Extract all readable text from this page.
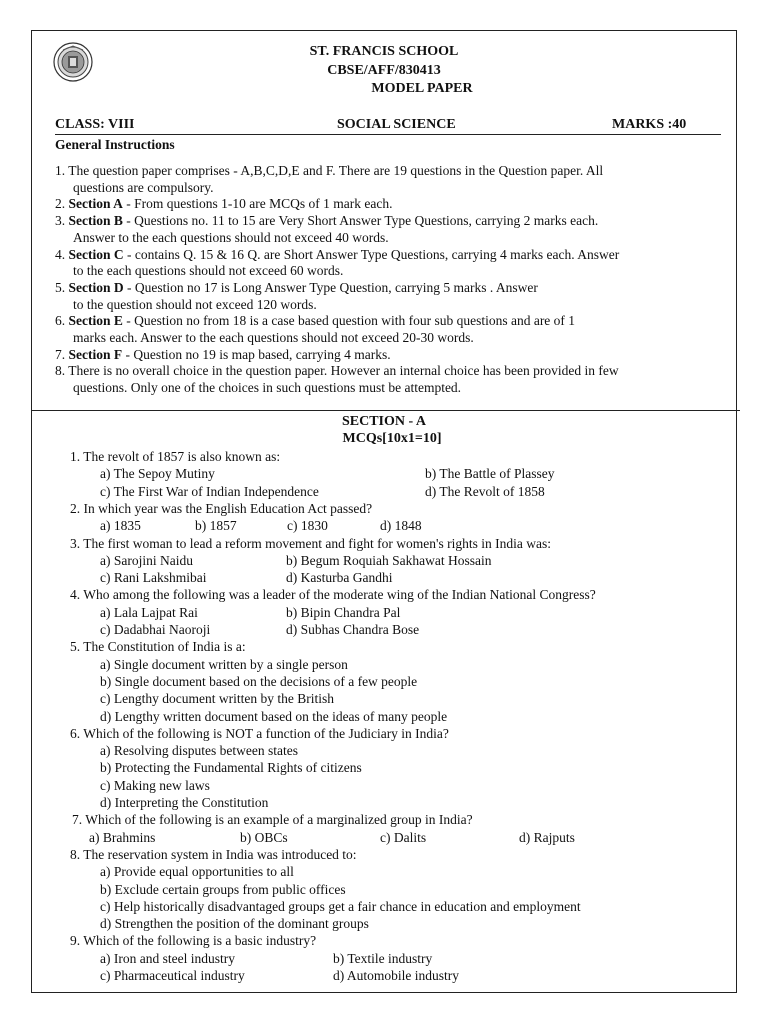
ST. FRANCIS SCHOOL
CBSE/AFF/830413
MODEL PAPER
CLASS: VIII	SOCIAL SCIENCE	MARKS :40
General Instructions
1. The question paper comprises - A,B,C,D,E and F. There are 19 questions in the Question paper. All
questions are compulsory.
2. Section A - From questions 1-10 are MCQs of 1 mark each.
3. Section B - Questions no. 11 to 15 are Very Short Answer Type Questions, carrying 2 marks each.
Answer to the each questions should not exceed 40 words.
4. Section C - contains Q. 15 & 16 Q. are Short Answer Type Questions, carrying 4 marks each. Answer
to the each questions should not exceed 60 words.
5. Section D - Question no 17 is Long Answer Type Question, carrying 5 marks . Answer
to the question should not exceed 120 words.
6. Section E - Question no from 18 is a case based question with four sub questions and are of 1
marks each. Answer to the each questions should not exceed 20-30 words.
7. Section F - Question no 19 is map based, carrying 4 marks.
8. There is no overall choice in the question paper. However an internal choice has been provided in few
questions. Only one of the choices in such questions must be attempted.
SECTION - A
MCQs[10x1=10]
1. The revolt of 1857 is also known as:
a) The Sepoy Mutiny	b) The Battle of Plassey
c) The First War of Indian Independence	d) The Revolt of 1858
2. In which year was the English Education Act passed?
a) 1835	b) 1857	c) 1830	d) 1848
3. The first woman to lead a reform movement and fight for women's rights in India was:
a) Sarojini Naidu	b) Begum Roquiah Sakhawat Hossain
c) Rani Lakshmibai	d) Kasturba Gandhi
4. Who among the following was a leader of the moderate wing of the Indian National Congress?
a) Lala Lajpat Rai	b) Bipin Chandra Pal
c) Dadabhai Naoroji	d) Subhas Chandra Bose
5. The Constitution of India is a:
a) Single document written by a single person
b) Single document based on the decisions of a few people
c) Lengthy document written by the British
d) Lengthy written document based on the ideas of many people
6. Which of the following is NOT a function of the Judiciary in India?
a) Resolving disputes between states
b) Protecting the Fundamental Rights of citizens
c) Making new laws
d) Interpreting the Constitution
7. Which of the following is an example of a marginalized group in India?
a) Brahmins	b) OBCs	c) Dalits	d) Rajputs
8. The reservation system in India was introduced to:
a) Provide equal opportunities to all
b) Exclude certain groups from public offices
c) Help historically disadvantaged groups get a fair chance in education and employment
d) Strengthen the position of the dominant groups
9. Which of the following is a basic industry?
a) Iron and steel industry	b) Textile industry
c) Pharmaceutical industry	d) Automobile industry
